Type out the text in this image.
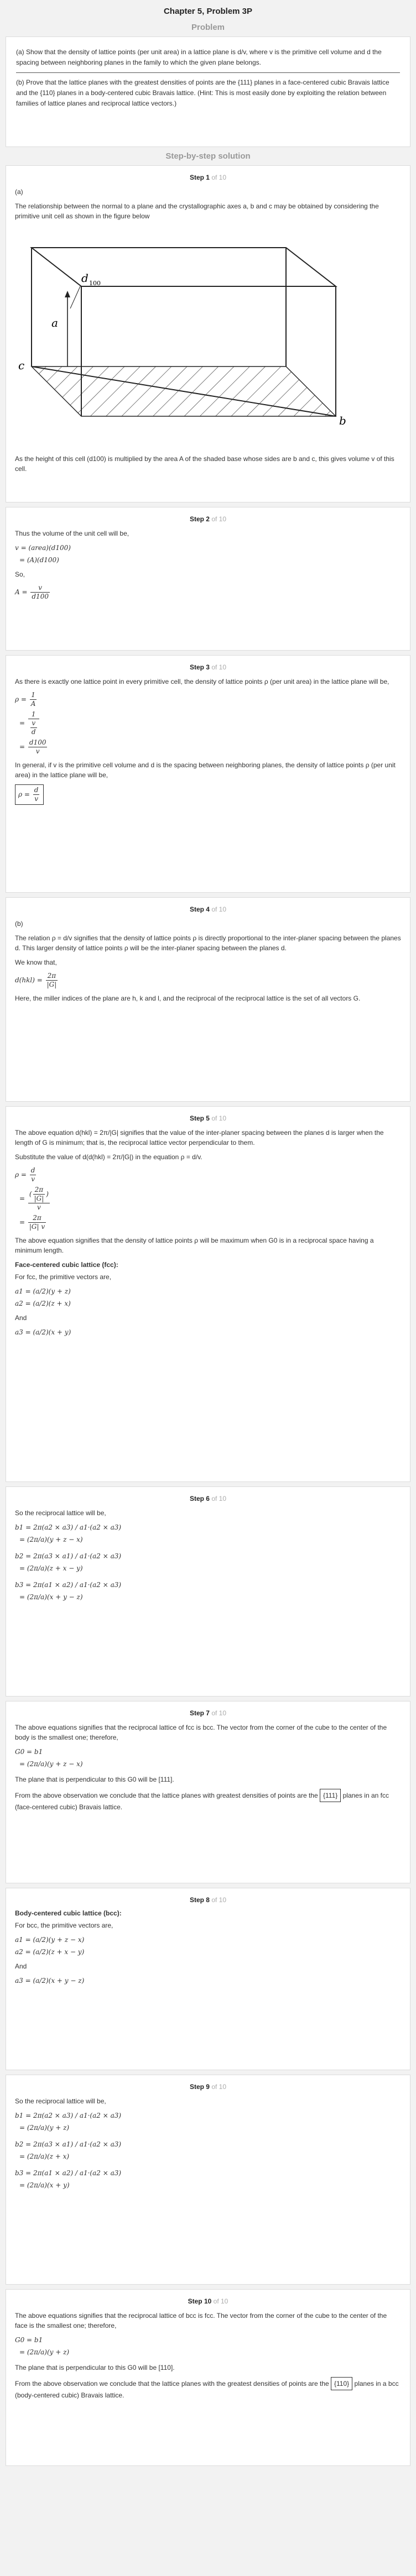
Chapter 5, Problem 3P
Problem
(a) Show that the density of lattice points (per unit area) in a lattice plane is d/v, where v is the primitive cell volume and d the spacing between neighboring planes in the family to which the given plane belongs.
(b) Prove that the lattice planes with the greatest densities of points are the {111} planes in a face-centered cubic Bravais lattice and the {110} planes in a body-centered cubic Bravais lattice. (Hint: This is most easily done by exploiting the relation between families of lattice planes and reciprocal lattice vectors.)
Step-by-step solution
Step 1 of 10

(a)

The relationship between the normal to a plane and the crystallographic axes a, b and c may be obtained by considering the primitive unit cell as shown in the figure below

d 100
a
c
b

As the height of this cell (d100) is multiplied by the area A of the shaded base whose sides are b and c, this gives volume v of this cell.

Step 2 of 10

Thus the volume of the unit cell will be,

v = (area)(d100)
= (A)(d100)

So,

$A = \frac{v}{d100}$
Step 3 of 10

As there is exactly one lattice point in every primitive cell, the density of lattice points ρ (per unit area) in the lattice plane will be,

$\rho = \frac{1}{A}$
= $\frac{1}{\frac{v}{d}}$
= $\frac{d100}{v}$

In general, if v is the primitive cell volume and d is the spacing between neighboring planes, the density of lattice points ρ (per unit area) in the lattice plane will be,

$\rho = \frac{d}{v}$
Step 4 of 10

(b)

The relation ρ = d/v signifies that the density of lattice points ρ is directly proportional to the inter-planer spacing between the planes d. This larger density of lattice points ρ will be the inter-planer spacing between the planes d.

We know that,

$d(hkl) = \frac{2\pi}{|G|}$

Here, the miller indices of the plane are h, k and l, and the reciprocal of the reciprocal lattice is the set of all vectors G.

Step 5 of 10

The above equation d(hkl) = 2π/|G| signifies that the value of the inter-planer spacing between the planes d is larger when the length of G is minimum; that is, the reciprocal lattice vector perpendicular to them.

Substitute the value of d(d(hkl) = 2π/|G|) in the equation ρ = d/v.

$\rho = \frac{d}{v}$
= $\frac{( \frac{2\pi}{|G|} )}{v}$
= $\frac{2\pi}{|G| v}$

The above equation signifies that the density of lattice points ρ will be maximum when G0 is in a reciprocal space having a minimum length.

Face-centered cubic lattice (fcc):

For fcc, the primitive vectors are,

a1 = (a/2)(y + z)
a2 = (a/2)(z + x)

And

a3 = (a/2)(x + y)
Step 6 of 10

So the reciprocal lattice will be,

b1 = 2π(a2 × a3) / a1·(a2 × a3)
= (2π/a)(y + z − x)
b2 = 2π(a3 × a1) / a1·(a2 × a3)
= (2π/a)(z + x − y)
b3 = 2π(a1 × a2) / a1·(a2 × a3)
= (2π/a)(x + y − z)
Step 7 of 10

The above equations signifies that the reciprocal lattice of fcc is bcc. The vector from the corner of the cube to the center of the body is the smallest one; therefore,

G0 = b1
= (2π/a)(y + z − x)

The plane that is perpendicular to this G0 will be [111].

From the above observation we conclude that the lattice planes with greatest densities of points are the {111} planes in an fcc (face-centered cubic) Bravais lattice.

Step 8 of 10
Body-centered cubic lattice (bcc):

For bcc, the primitive vectors are,

a1 = (a/2)(y + z − x)
a2 = (a/2)(z + x − y)

And

a3 = (a/2)(x + y − z)
Step 9 of 10

So the reciprocal lattice will be,

b1 = 2π(a2 × a3) / a1·(a2 × a3)
= (2π/a)(y + z)
b2 = 2π(a3 × a1) / a1·(a2 × a3)
= (2π/a)(z + x)
b3 = 2π(a1 × a2) / a1·(a2 × a3)
= (2π/a)(x + y)
Step 10 of 10

The above equations signifies that the reciprocal lattice of bcc is fcc. The vector from the corner of the cube to the center of the face is the smallest one; therefore,

G0 = b1
= (2π/a)(y + z)

The plane that is perpendicular to this G0 will be [110].

From the above observation we conclude that the lattice planes with the greatest densities of points are the {110} planes in a bcc (body-centered cubic) Bravais lattice.
